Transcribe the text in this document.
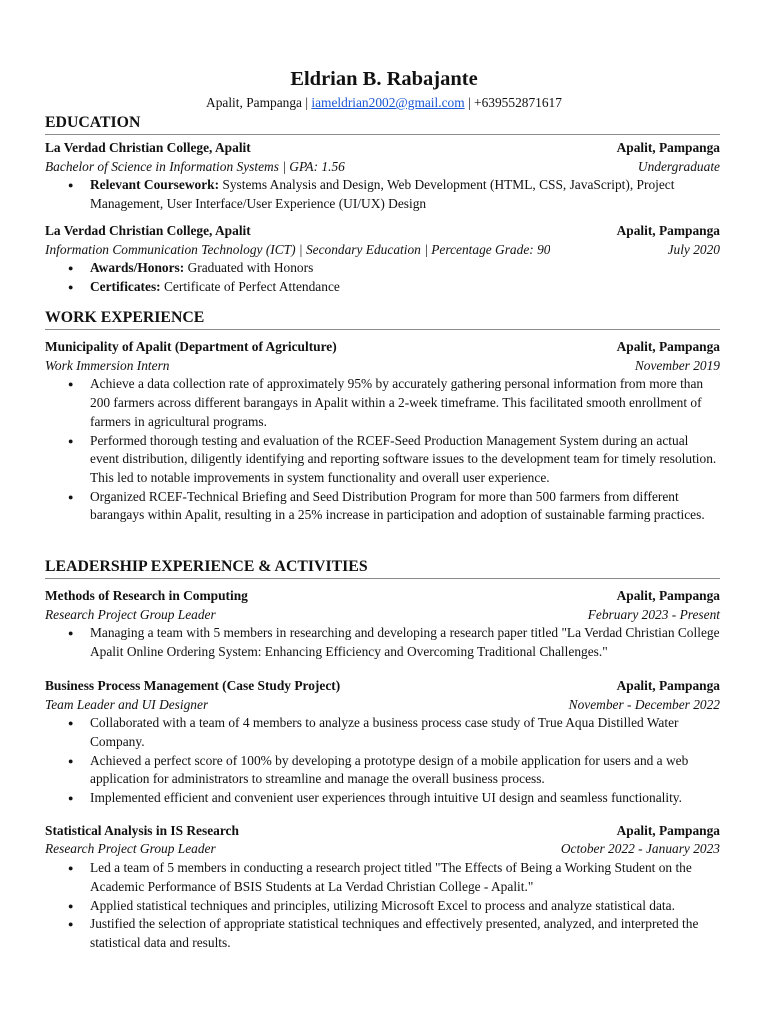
Eldrian B. Rabajante
Apalit, Pampanga | iameldrian2002@gmail.com | +639552871617
EDUCATION
La Verdad Christian College, Apalit	Apalit, Pampanga
Bachelor of Science in Information Systems | GPA: 1.56	Undergraduate
● Relevant Coursework: Systems Analysis and Design, Web Development (HTML, CSS, JavaScript), Project Management, User Interface/User Experience (UI/UX) Design
La Verdad Christian College, Apalit	Apalit, Pampanga
Information Communication Technology (ICT) | Secondary Education | Percentage Grade: 90	July 2020
● Awards/Honors: Graduated with Honors
● Certificates: Certificate of Perfect Attendance
WORK EXPERIENCE
Municipality of Apalit (Department of Agriculture)	Apalit, Pampanga
Work Immersion Intern	November 2019
● Achieve a data collection rate of approximately 95% by accurately gathering personal information from more than 200 farmers across different barangays in Apalit within a 2-week timeframe. This facilitated smooth enrollment of farmers in agricultural programs.
● Performed thorough testing and evaluation of the RCEF-Seed Production Management System during an actual event distribution, diligently identifying and reporting software issues to the development team for timely resolution. This led to notable improvements in system functionality and overall user experience.
● Organized RCEF-Technical Briefing and Seed Distribution Program for more than 500 farmers from different barangays within Apalit, resulting in a 25% increase in participation and adoption of sustainable farming practices.
LEADERSHIP EXPERIENCE & ACTIVITIES
Methods of Research in Computing	Apalit, Pampanga
Research Project Group Leader	February 2023 - Present
● Managing a team with 5 members in researching and developing a research paper titled "La Verdad Christian College Apalit Online Ordering System: Enhancing Efficiency and Overcoming Traditional Challenges."
Business Process Management (Case Study Project)	Apalit, Pampanga
Team Leader and UI Designer	November - December 2022
● Collaborated with a team of 4 members to analyze a business process case study of True Aqua Distilled Water Company.
● Achieved a perfect score of 100% by developing a prototype design of a mobile application for users and a web application for administrators to streamline and manage the overall business process.
● Implemented efficient and convenient user experiences through intuitive UI design and seamless functionality.
Statistical Analysis in IS Research	Apalit, Pampanga
Research Project Group Leader	October 2022 - January 2023
● Led a team of 5 members in conducting a research project titled "The Effects of Being a Working Student on the Academic Performance of BSIS Students at La Verdad Christian College - Apalit."
● Applied statistical techniques and principles, utilizing Microsoft Excel to process and analyze statistical data.
● Justified the selection of appropriate statistical techniques and effectively presented, analyzed, and interpreted the statistical data and results.
